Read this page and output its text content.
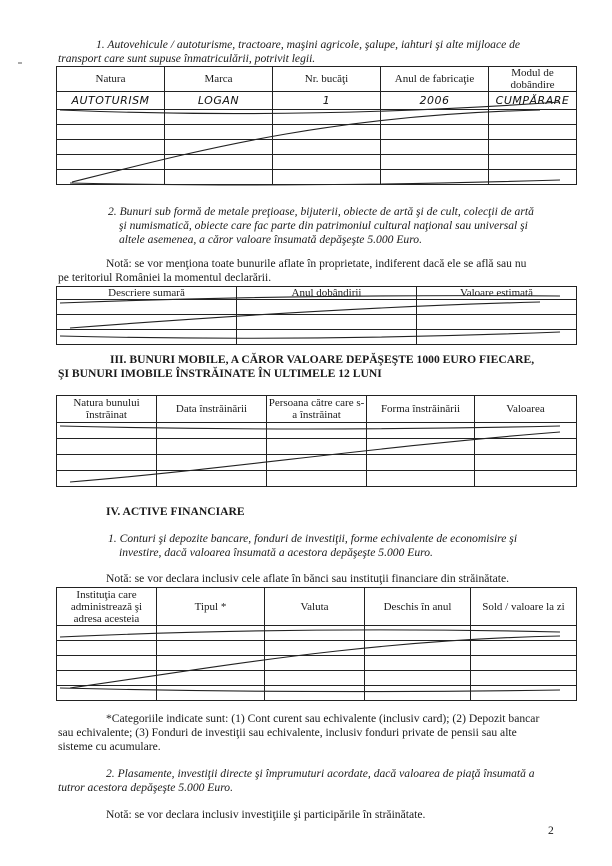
1. Autovehicule / autoturisme, tractoare, maşini agricole, şalupe, iahturi şi alte mijloace de
transport care sunt supuse înmatriculării, potrivit legii.
Natura	Marca	Nr. bucăţi	Anul de fabricaţie	Modul de dobândire
AUTOTURISM	LOGAN	1	2006	CUMPĂRARE

2. Bunuri sub formă de metale preţioase, bijuterii, obiecte de artă şi de cult, colecţii de artă
şi numismatică, obiecte care fac parte din patrimoniul cultural naţional sau universal şi
altele asemenea, a căror valoare însumată depăşeşte 5.000 Euro.
Notă: se vor menţiona toate bunurile aflate în proprietate, indiferent dacă ele se află sau nu
pe teritoriul României la momentul declarării.
Descriere sumară	Anul dobândirii	Valoare estimată

III. BUNURI MOBILE, A CĂROR VALOARE DEPĂŞEŞTE 1000 EURO FIECARE,
ŞI BUNURI IMOBILE ÎNSTRĂINATE ÎN ULTIMELE 12 LUNI
Natura bunului înstrăinat	Data înstrăinării	Persoana către care s-a înstrăinat	Forma înstrăinării	Valoarea

IV. ACTIVE FINANCIARE
1. Conturi şi depozite bancare, fonduri de investiţii, forme echivalente de economisire şi
investire, dacă valoarea însumată a acestora depăşeşte 5.000 Euro.
Notă: se vor declara inclusiv cele aflate în bănci sau instituţii financiare din străinătate.
Instituţia care administrează şi adresa acesteia	Tipul *	Valuta	Deschis în anul	Sold / valoare la zi

*Categoriile indicate sunt: (1) Cont curent sau echivalente (inclusiv card); (2) Depozit bancar
sau echivalente; (3) Fonduri de investiţii sau echivalente, inclusiv fonduri private de pensii sau alte
sisteme cu acumulare.
2. Plasamente, investiţii directe şi împrumuturi acordate, dacă valoarea de piaţă însumată a
tutror acestora depăşeşte 5.000 Euro.
Notă: se vor declara inclusiv investiţiile şi participările în străinătate.
2
